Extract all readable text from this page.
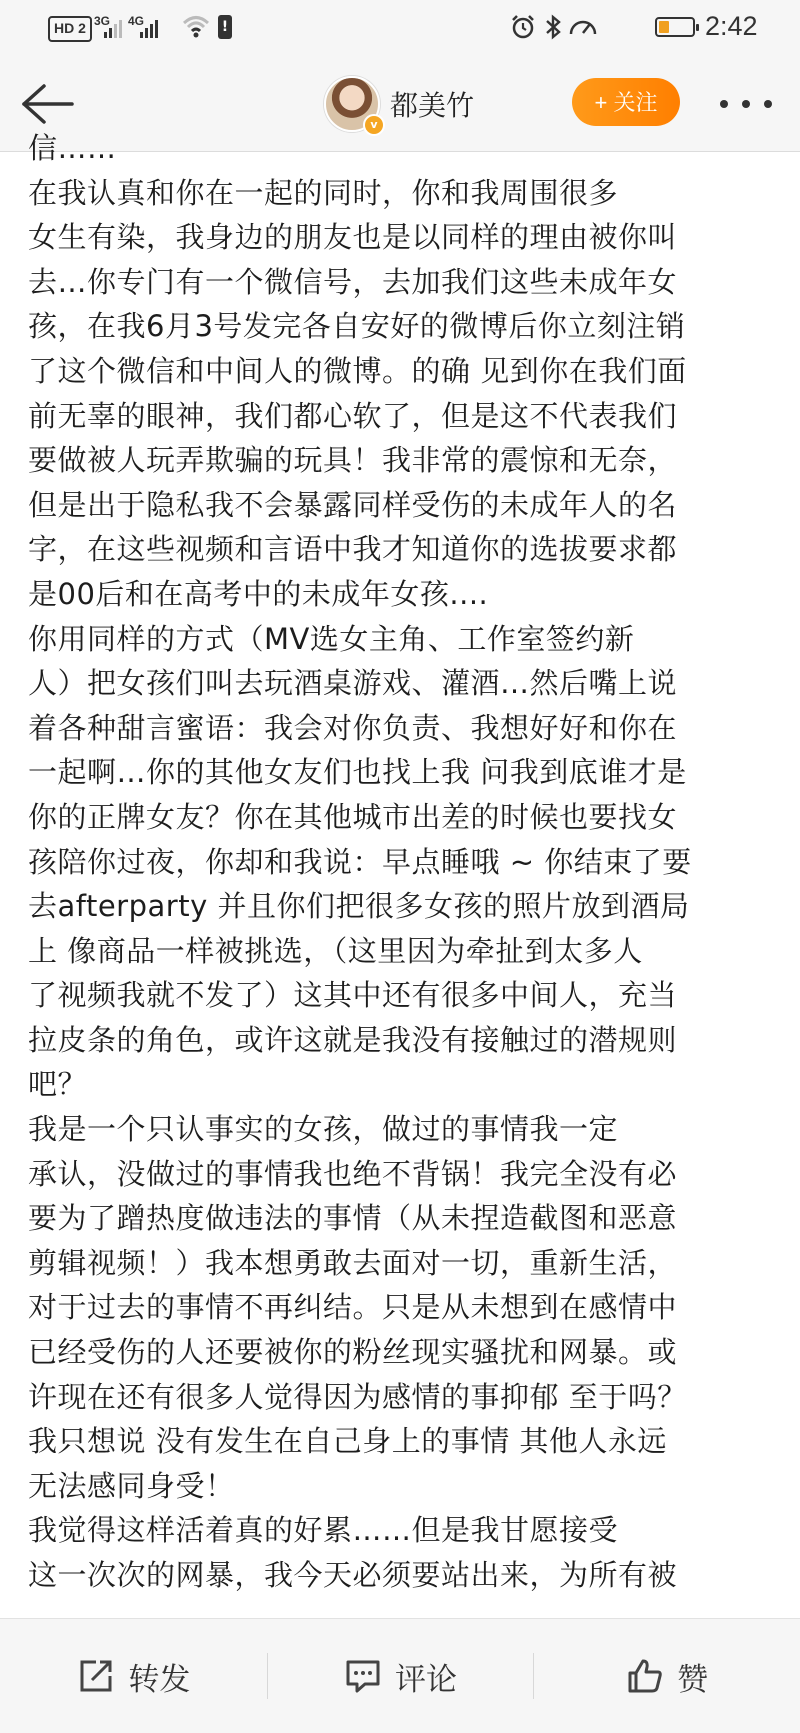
HD 2 3G 4G	!	2:42
v
都美竹	+ 关注
信……
在我认真和你在一起的同时，你和我周围很多
女生有染，我身边的朋友也是以同样的理由被你叫
去…你专门有一个微信号，去加我们这些未成年女
孩，在我6月3号发完各自安好的微博后你立刻注销
了这个微信和中间人的微博。的确 见到你在我们面
前无辜的眼神，我们都心软了，但是这不代表我们
要做被人玩弄欺骗的玩具！我非常的震惊和无奈，
但是出于隐私我不会暴露同样受伤的未成年人的名
字，在这些视频和言语中我才知道你的选拔要求都
是00后和在高考中的未成年女孩....
你用同样的方式（MV选女主角、工作室签约新
人）把女孩们叫去玩酒桌游戏、灌酒…然后嘴上说
着各种甜言蜜语：我会对你负责、我想好好和你在
一起啊…你的其他女友们也找上我 问我到底谁才是
你的正牌女友？你在其他城市出差的时候也要找女
孩陪你过夜，你却和我说：早点睡哦 ~ 你结束了要
去afterparty 并且你们把很多女孩的照片放到酒局
上 像商品一样被挑选，（这里因为牵扯到太多人
了视频我就不发了）这其中还有很多中间人，充当
拉皮条的角色，或许这就是我没有接触过的潜规则
吧？
我是一个只认事实的女孩，做过的事情我一定
承认，没做过的事情我也绝不背锅！我完全没有必
要为了蹭热度做违法的事情（从未捏造截图和恶意
剪辑视频！）我本想勇敢去面对一切，重新生活，
对于过去的事情不再纠结。只是从未想到在感情中
已经受伤的人还要被你的粉丝现实骚扰和网暴。或
许现在还有很多人觉得因为感情的事抑郁 至于吗？
我只想说 没有发生在自己身上的事情 其他人永远
无法感同身受！
我觉得这样活着真的好累……但是我甘愿接受
这一次次的网暴，我今天必须要站出来，为所有被
转发	评论	赞
